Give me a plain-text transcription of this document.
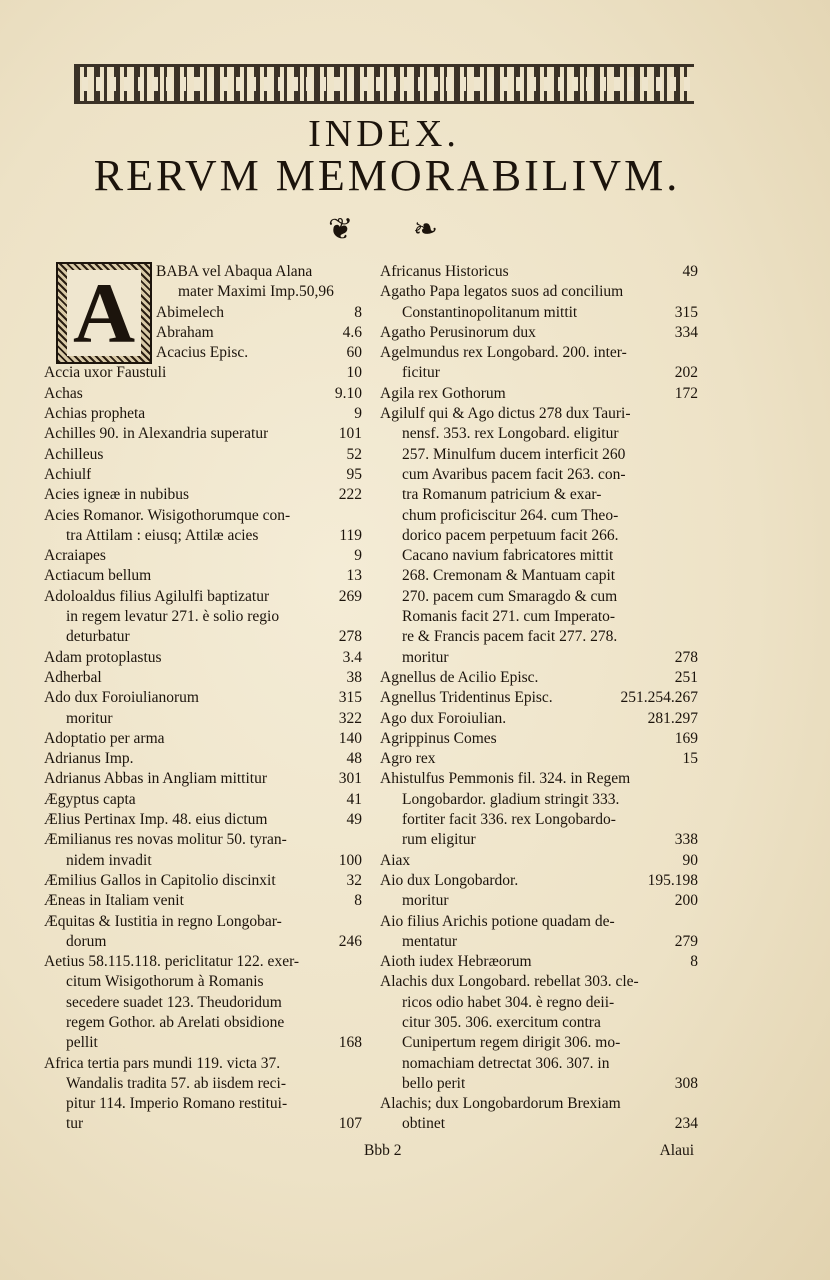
INDEX.
RERVM MEMORABILIVM.
❦ ❧
A	BABA vel Abaqua Alana
mater Maximi Imp.50,96
Abimelech	8
Abraham	4.6
Acacius Episc.	60
Accia uxor Faustuli	10
Achas	9.10
Achias propheta	9
Achilles 90. in Alexandria superatur	101
Achilleus	52
Achiulf	95
Acies igneæ in nubibus	222
Acies Romanor. Wisigothorumque con-
tra Attilam : eiusq; Attilæ acies	119
Acraiapes	9
Actiacum bellum	13
Adoloaldus filius Agilulfi baptizatur	269
in regem levatur 271. è solio regio
deturbatur	278
Adam protoplastus	3.4
Adherbal	38
Ado dux Foroiulianorum	315
moritur	322
Adoptatio per arma	140
Adrianus Imp.	48
Adrianus Abbas in Angliam mittitur	301
Ægyptus capta	41
Ælius Pertinax Imp. 48. eius dictum	49
Æmilianus res novas molitur 50. tyran-
nidem invadit	100
Æmilius Gallos in Capitolio discinxit	32
Æneas in Italiam venit	8
Æquitas & Iustitia in regno Longobar-
dorum	246
Aetius 58.115.118. periclitatur 122. exer-
citum Wisigothorum à Romanis
secedere suadet 123. Theudoridum
regem Gothor. ab Arelati obsidione
pellit	168
Africa tertia pars mundi 119. victa 37.
Wandalis tradita 57. ab iisdem reci-
pitur 114. Imperio Romano restitui-
tur	107
Africanus Historicus	49
Agatho Papa legatos suos ad concilium
Constantinopolitanum mittit	315
Agatho Perusinorum dux	334
Agelmundus rex Longobard. 200. inter-
ficitur	202
Agila rex Gothorum	172
Agilulf qui & Ago dictus 278 dux Tauri-
nensf. 353. rex Longobard. eligitur
257. Minulfum ducem interficit 260
cum Avaribus pacem facit 263. con-
tra Romanum patricium & exar-
chum proficiscitur 264. cum Theo-
dorico pacem perpetuum facit 266.
Cacano navium fabricatores mittit
268. Cremonam & Mantuam capit
270. pacem cum Smaragdo & cum
Romanis facit 271. cum Imperato-
re & Francis pacem facit 277. 278.
moritur	278
Agnellus de Acilio Episc.	251
Agnellus Tridentinus Episc.	251.254.267
Ago dux Foroiulian.	281.297
Agrippinus Comes	169
Agro rex	15
Ahistulfus Pemmonis fil. 324. in Regem
Longobardor. gladium stringit 333.
fortiter facit 336. rex Longobardo-
rum eligitur	338
Aiax	90
Aio dux Longobardor.	195.198
moritur	200
Aio filius Arichis potione quadam de-
mentatur	279
Aioth iudex Hebræorum	8
Alachis dux Longobard. rebellat 303. cle-
ricos odio habet 304. è regno deii-
citur 305. 306. exercitum contra
Cunipertum regem dirigit 306. mo-
nomachiam detrectat 306. 307. in
bello perit	308
Alachis; dux Longobardorum Brexiam
obtinet	234
Bbb 2	Alaui
